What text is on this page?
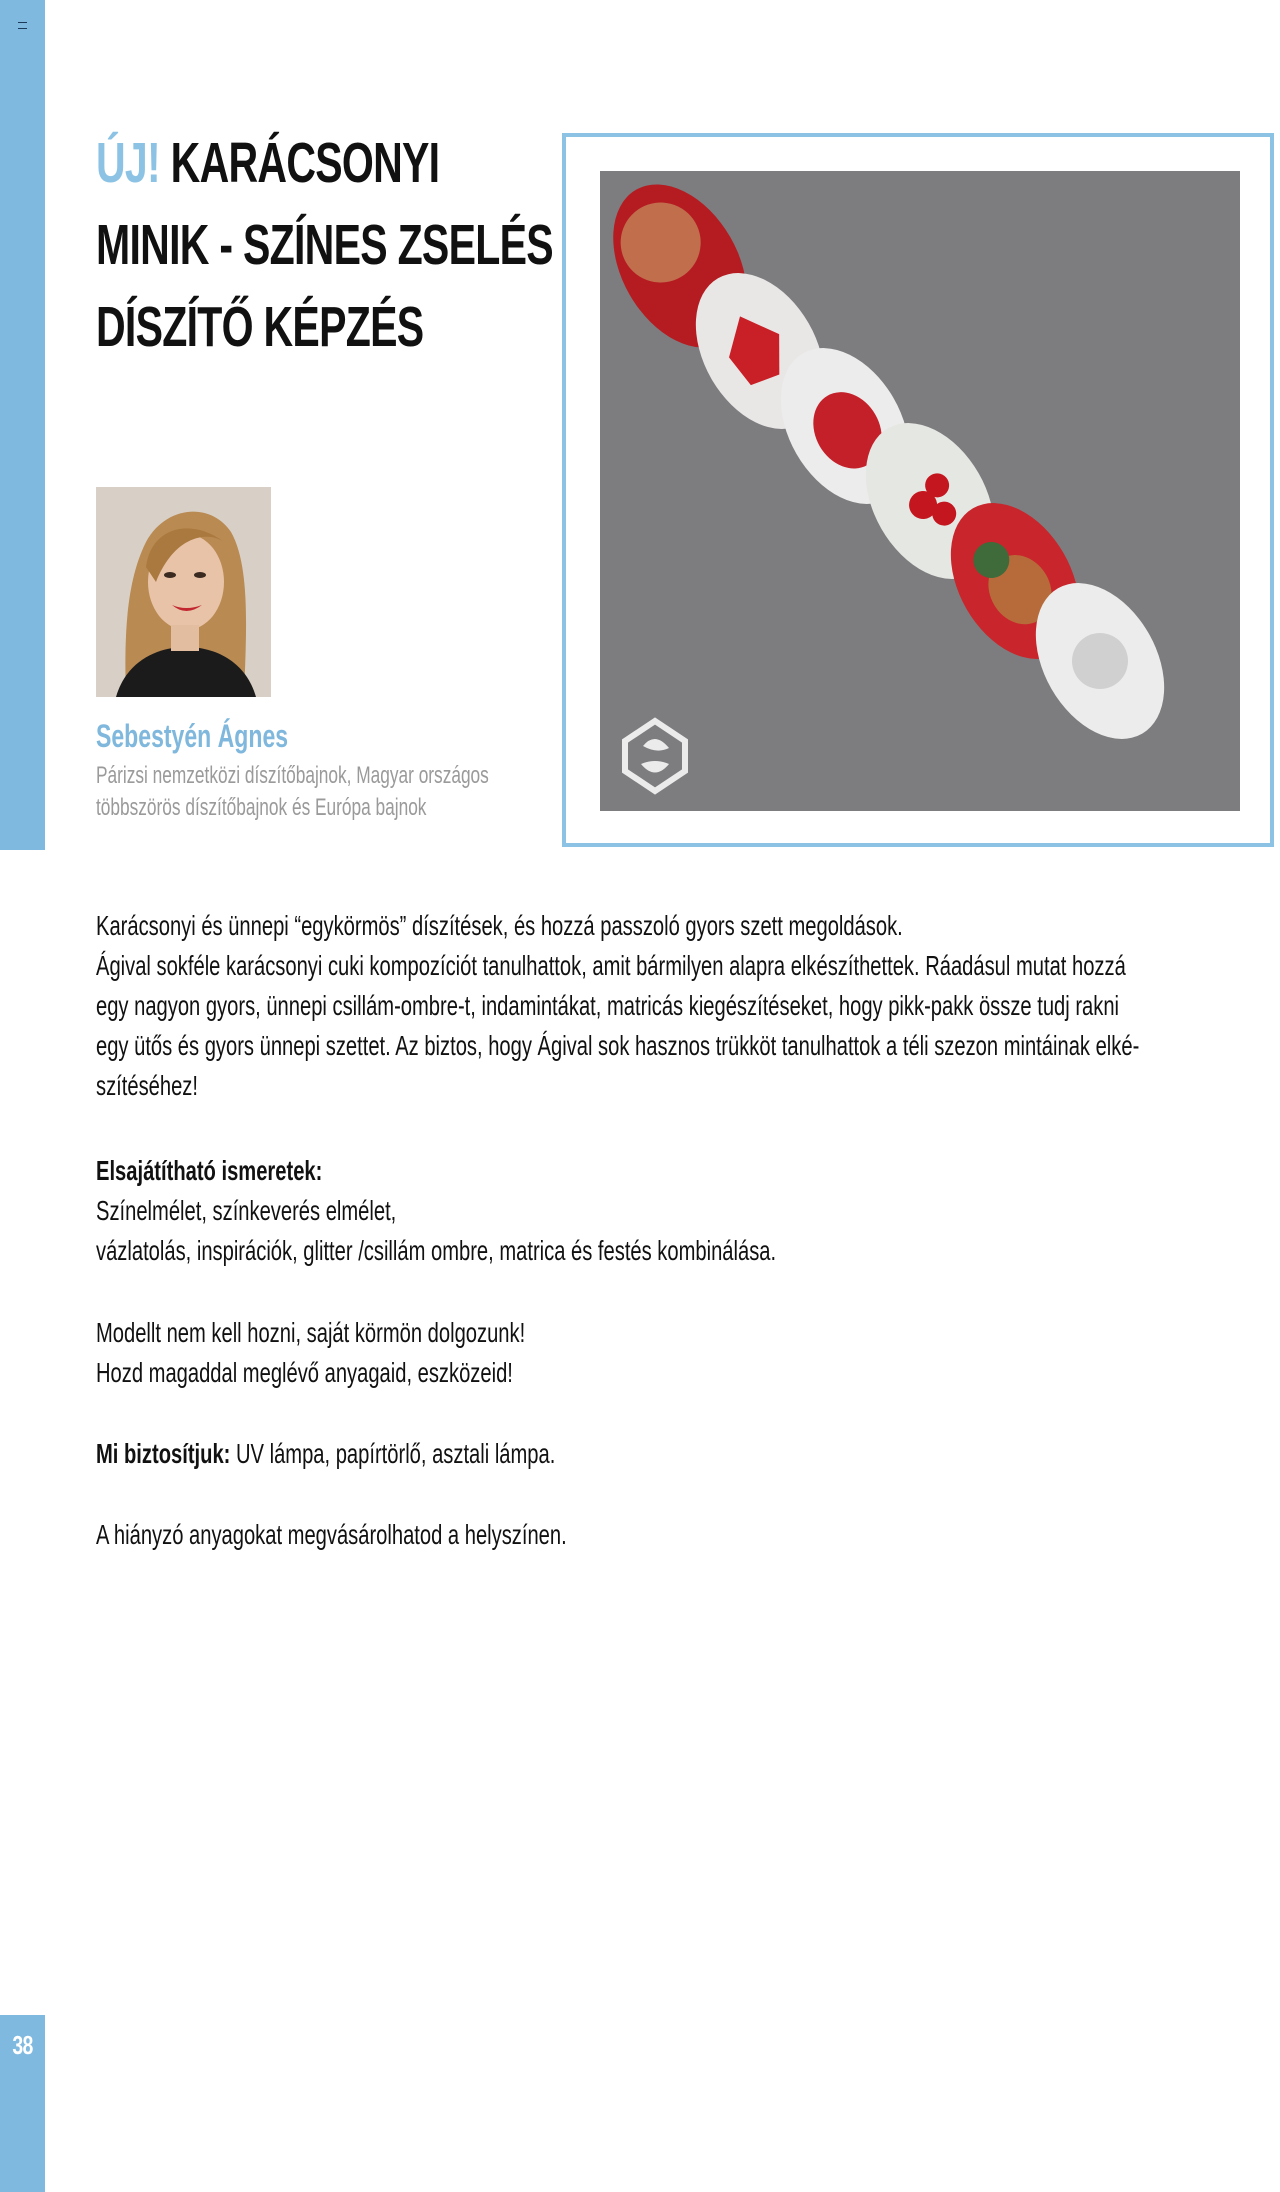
ÚJ! KARÁCSONYI
MINIK - SZÍNES ZSELÉS
DÍSZÍTŐ KÉPZÉS

Sebestyén Ágnes

Párizsi nemzetközi díszítőbajnok, Magyar országos
többszörös díszítőbajnok és Európa bajnok

Karácsonyi és ünnepi “egykörmös” díszítések, és hozzá passzoló gyors szett megoldások.
Ágival sokféle karácsonyi cuki kompozíciót tanulhattok, amit bármilyen alapra elkészíthettek. Ráadásul mutat hozzá
egy nagyon gyors, ünnepi csillám-ombre-t, indamintákat, matricás kiegészítéseket, hogy pikk-pakk össze tudj rakni
egy ütős és gyors ünnepi szettet. Az biztos, hogy Ágival sok hasznos trükköt tanulhattok a téli szezon mintáinak elké-
szítéséhez!

Elsajátítható ismeretek:
Színelmélet, színkeverés elmélet,
vázlatolás, inspirációk, glitter /csillám ombre, matrica és festés kombinálása.

Modellt nem kell hozni, saját körmön dolgozunk!
Hozd magaddal meglévő anyagaid, eszközeid!

Mi biztosítjuk: UV lámpa, papírtörlő, asztali lámpa.

A hiányzó anyagokat megvásárolhatod a helyszínen.

38
